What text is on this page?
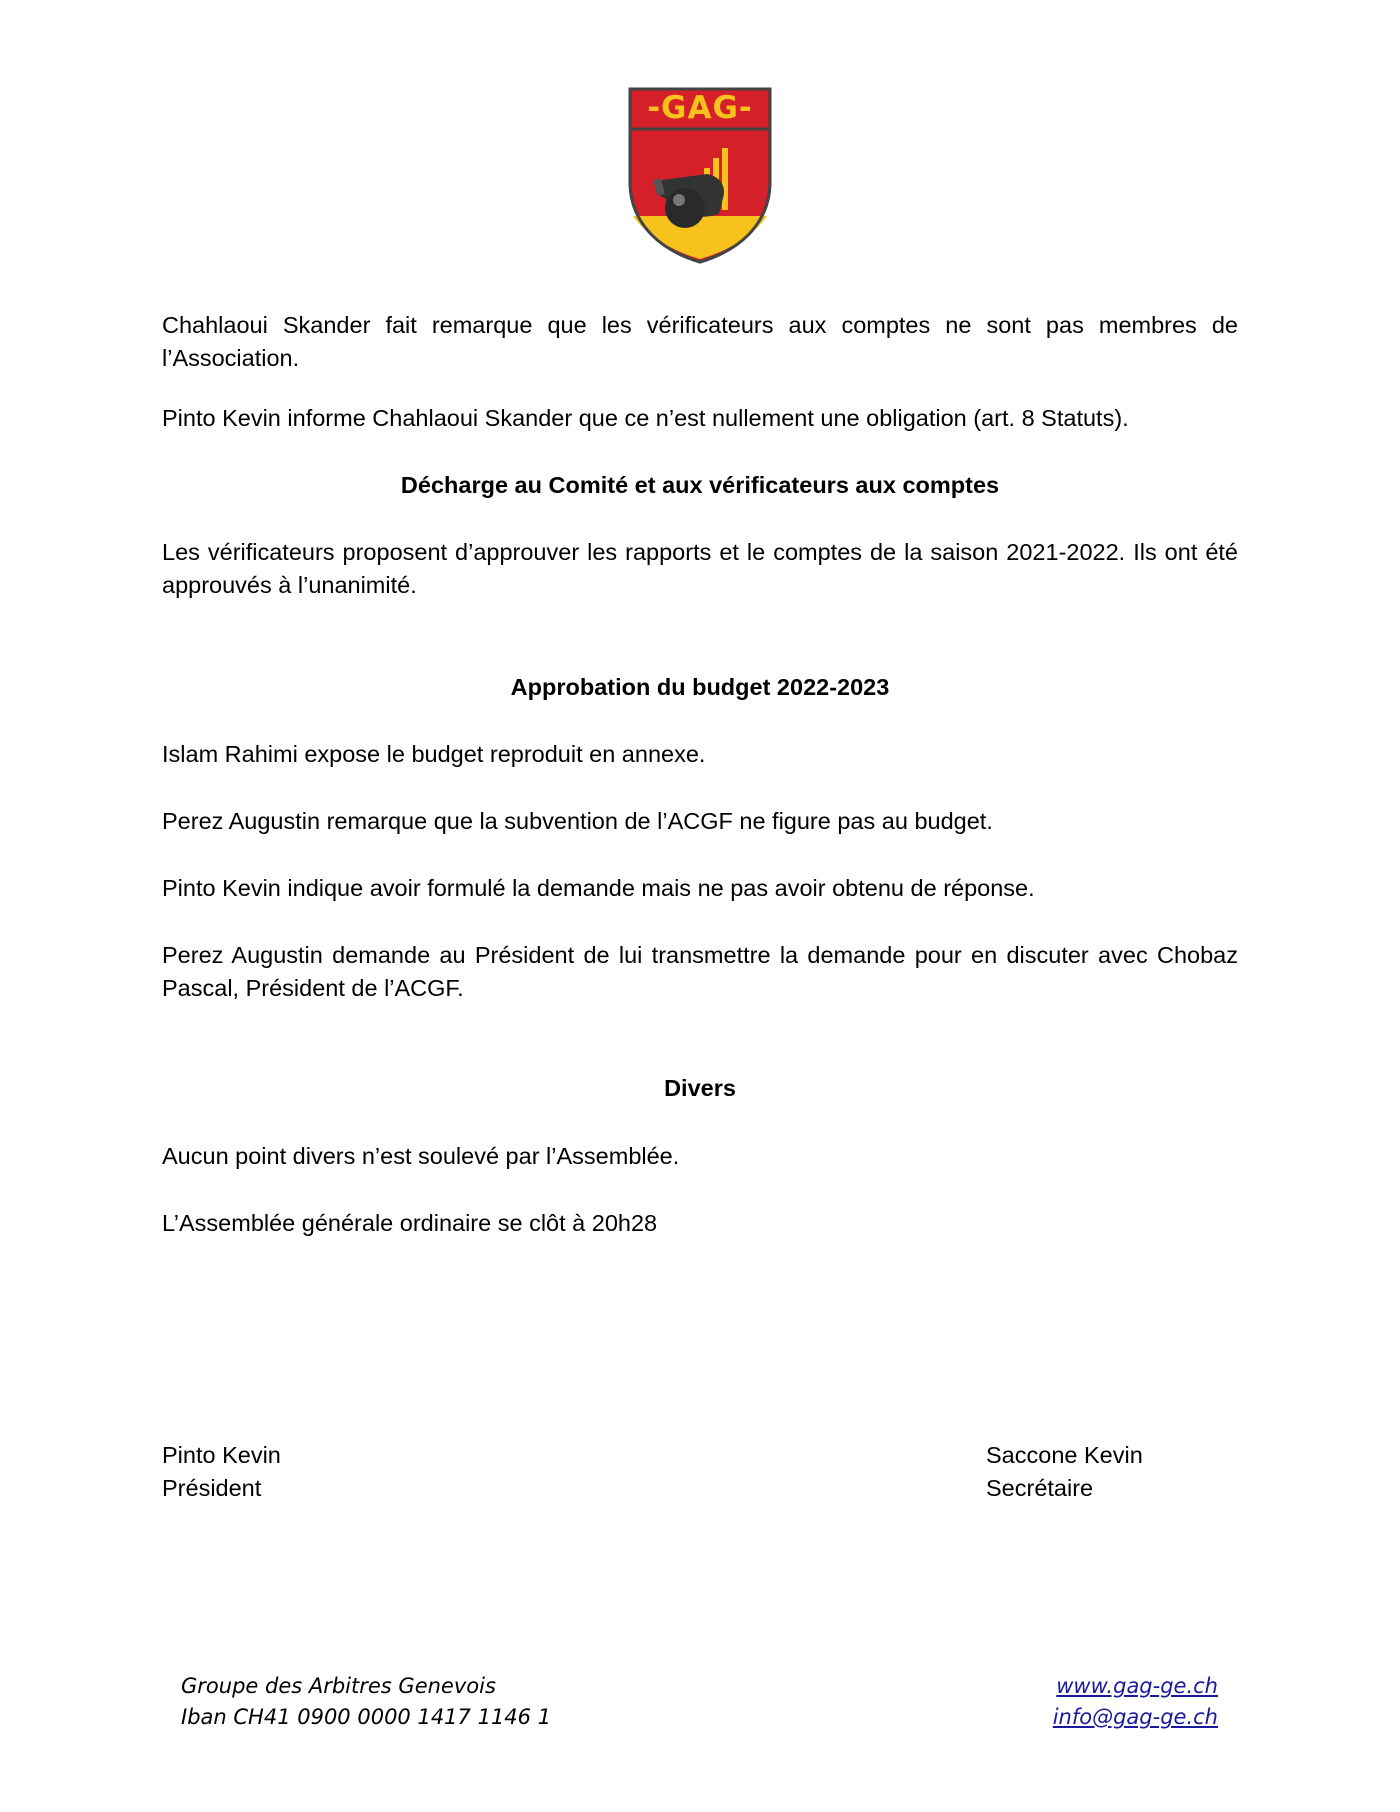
-GAG-

Chahlaoui Skander fait remarque que les vérificateurs aux comptes ne sont pas membres de l’Association.

Pinto Kevin informe Chahlaoui Skander que ce n’est nullement une obligation (art. 8 Statuts).

Décharge au Comité et aux vérificateurs aux comptes

Les vérificateurs proposent d’approuver les rapports et le comptes de la saison 2021-2022. Ils ont été approuvés à l’unanimité.

Approbation du budget 2022-2023

Islam Rahimi expose le budget reproduit en annexe.

Perez Augustin remarque que la subvention de l’ACGF ne figure pas au budget.

Pinto Kevin indique avoir formulé la demande mais ne pas avoir obtenu de réponse.

Perez Augustin demande au Président de lui transmettre la demande pour en discuter avec Chobaz Pascal, Président de l’ACGF.

Divers

Aucun point divers n’est soulevé par l’Assemblée.

L’Assemblée générale ordinaire se clôt à 20h28

Pinto Kevin
Président
Saccone Kevin
Secrétaire
Groupe des Arbitres Genevois
Iban CH41 0900 0000 1417 1146 1
www.gag-ge.ch
info@gag-ge.ch
